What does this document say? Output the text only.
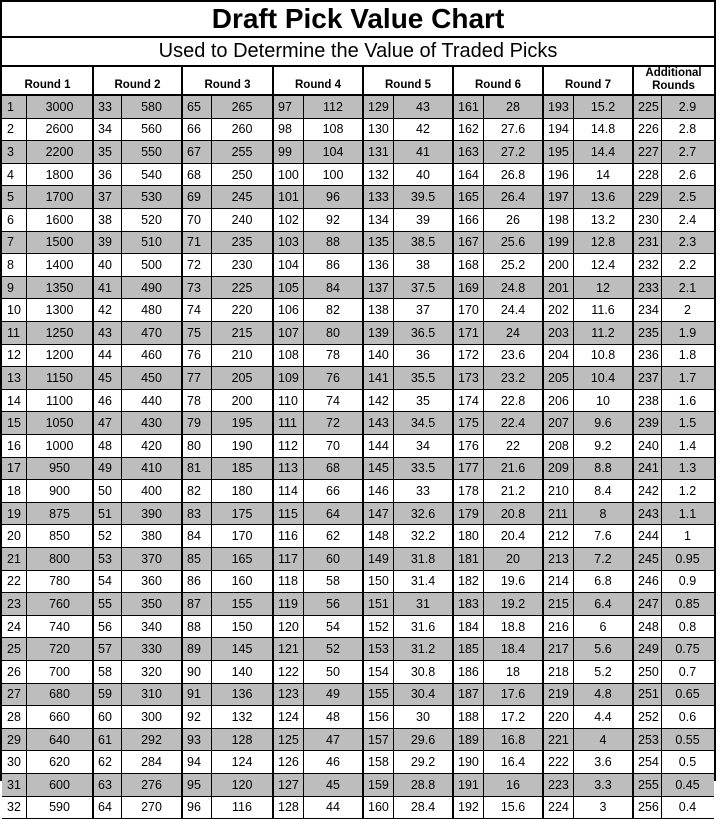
Draft Pick Value Chart
Used to Determine the Value of Traded Picks
Round 1	Round 2	Round 3	Round 4	Round 5	Round 6	Round 7
Additional
Rounds
1	3000	33	580	65	265	97	112	129	43	161	28	193	15.2	225	2.9
2	2600	34	560	66	260	98	108	130	42	162	27.6	194	14.8	226	2.8
3	2200	35	550	67	255	99	104	131	41	163	27.2	195	14.4	227	2.7
4	1800	36	540	68	250	100	100	132	40	164	26.8	196	14	228	2.6
5	1700	37	530	69	245	101	96	133	39.5	165	26.4	197	13.6	229	2.5
6	1600	38	520	70	240	102	92	134	39	166	26	198	13.2	230	2.4
7	1500	39	510	71	235	103	88	135	38.5	167	25.6	199	12.8	231	2.3
8	1400	40	500	72	230	104	86	136	38	168	25.2	200	12.4	232	2.2
9	1350	41	490	73	225	105	84	137	37.5	169	24.8	201	12	233	2.1
10	1300	42	480	74	220	106	82	138	37	170	24.4	202	11.6	234	2
11	1250	43	470	75	215	107	80	139	36.5	171	24	203	11.2	235	1.9
12	1200	44	460	76	210	108	78	140	36	172	23.6	204	10.8	236	1.8
13	1150	45	450	77	205	109	76	141	35.5	173	23.2	205	10.4	237	1.7
14	1100	46	440	78	200	110	74	142	35	174	22.8	206	10	238	1.6
15	1050	47	430	79	195	111	72	143	34.5	175	22.4	207	9.6	239	1.5
16	1000	48	420	80	190	112	70	144	34	176	22	208	9.2	240	1.4
17	950	49	410	81	185	113	68	145	33.5	177	21.6	209	8.8	241	1.3
18	900	50	400	82	180	114	66	146	33	178	21.2	210	8.4	242	1.2
19	875	51	390	83	175	115	64	147	32.6	179	20.8	211	8	243	1.1
20	850	52	380	84	170	116	62	148	32.2	180	20.4	212	7.6	244	1
21	800	53	370	85	165	117	60	149	31.8	181	20	213	7.2	245	0.95
22	780	54	360	86	160	118	58	150	31.4	182	19.6	214	6.8	246	0.9
23	760	55	350	87	155	119	56	151	31	183	19.2	215	6.4	247	0.85
24	740	56	340	88	150	120	54	152	31.6	184	18.8	216	6	248	0.8
25	720	57	330	89	145	121	52	153	31.2	185	18.4	217	5.6	249	0.75
26	700	58	320	90	140	122	50	154	30.8	186	18	218	5.2	250	0.7
27	680	59	310	91	136	123	49	155	30.4	187	17.6	219	4.8	251	0.65
28	660	60	300	92	132	124	48	156	30	188	17.2	220	4.4	252	0.6
29	640	61	292	93	128	125	47	157	29.6	189	16.8	221	4	253	0.55
30	620	62	284	94	124	126	46	158	29.2	190	16.4	222	3.6	254	0.5
31	600	63	276	95	120	127	45	159	28.8	191	16	223	3.3	255	0.45
32	590	64	270	96	116	128	44	160	28.4	192	15.6	224	3	256	0.4
